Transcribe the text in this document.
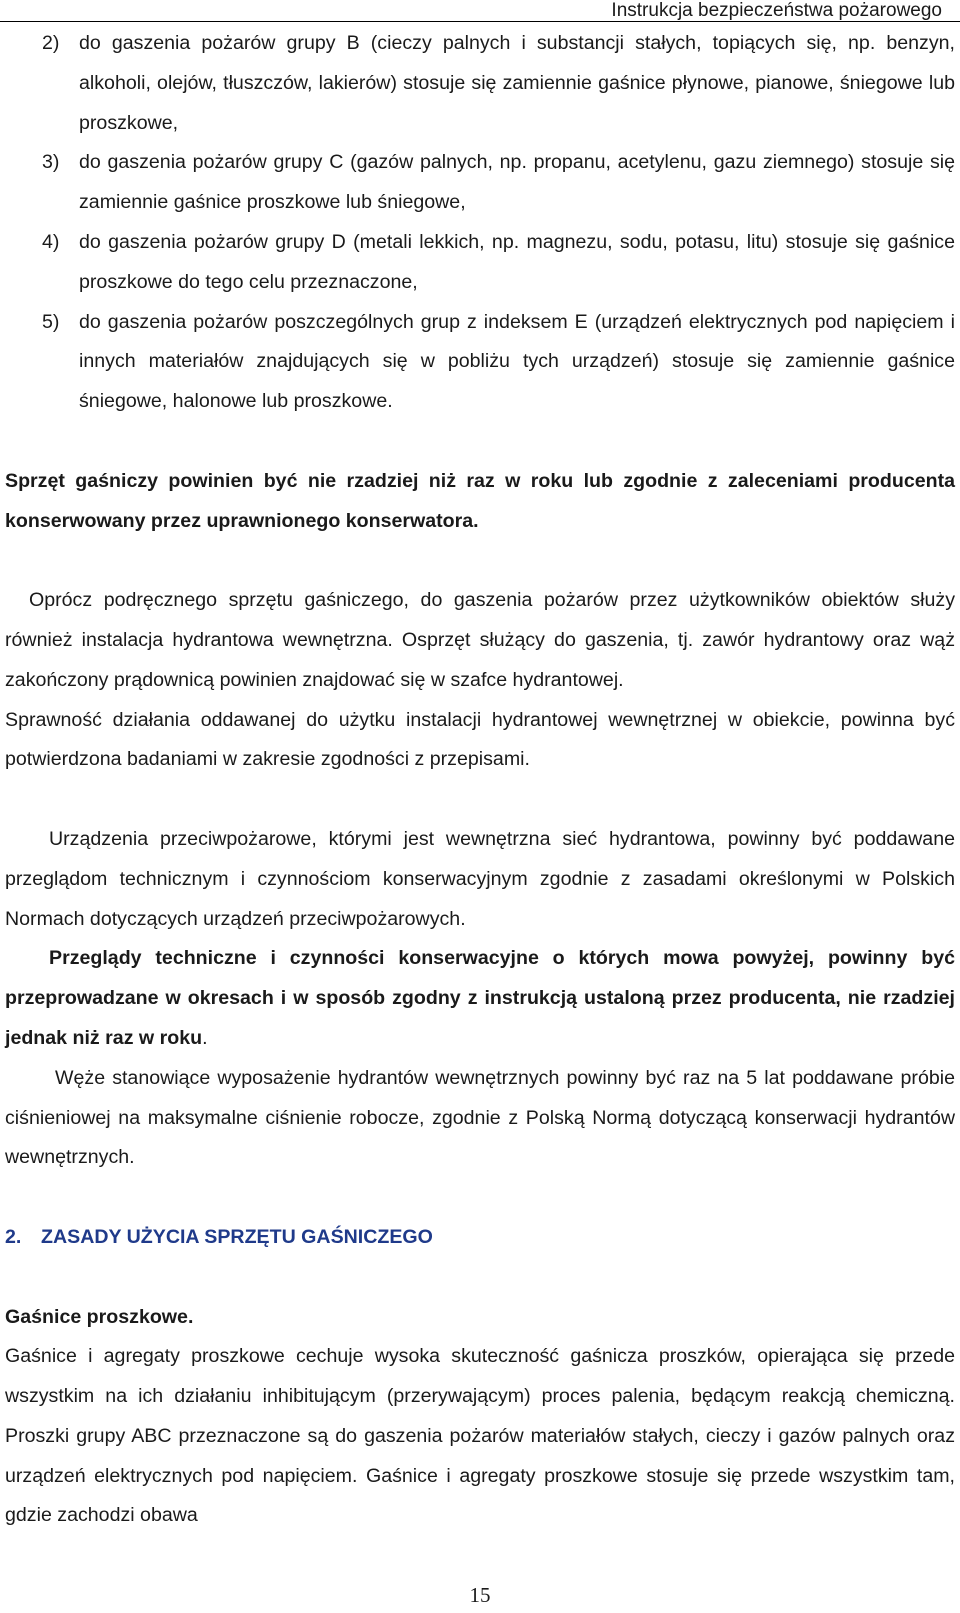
Instrukcja bezpieczeństwa pożarowego
2) do gaszenia pożarów grupy B (cieczy palnych i substancji stałych, topiących się, np. benzyn, alkoholi, olejów, tłuszczów, lakierów) stosuje się zamiennie gaśnice płynowe, pianowe, śniegowe lub proszkowe,
3) do gaszenia pożarów grupy C (gazów palnych, np. propanu, acetylenu, gazu ziemnego) stosuje się zamiennie gaśnice proszkowe lub śniegowe,
4) do gaszenia pożarów grupy D (metali lekkich, np. magnezu, sodu, potasu, litu) stosuje się gaśnice proszkowe do tego celu przeznaczone,
5) do gaszenia pożarów poszczególnych grup z indeksem E (urządzeń elektrycznych pod napięciem i innych materiałów znajdujących się w pobliżu tych urządzeń) stosuje się zamiennie gaśnice śniegowe, halonowe lub proszkowe.

Sprzęt gaśniczy powinien być nie rzadziej niż raz w roku lub zgodnie z zaleceniami producenta konserwowany przez uprawnionego konserwatora.

Oprócz podręcznego sprzętu gaśniczego, do gaszenia pożarów przez użytkowników obiektów służy również instalacja hydrantowa wewnętrzna. Osprzęt służący do gaszenia, tj. zawór hydrantowy oraz wąż zakończony prądownicą powinien znajdować się w szafce hydrantowej.

Sprawność działania oddawanej do użytku instalacji hydrantowej wewnętrznej w obiekcie, powinna być potwierdzona badaniami w zakresie zgodności z przepisami.

Urządzenia przeciwpożarowe, którymi jest wewnętrzna sieć hydrantowa, powinny być poddawane przeglądom technicznym i czynnościom konserwacyjnym zgodnie z zasadami określonymi w Polskich Normach dotyczących urządzeń przeciwpożarowych.

Przeglądy techniczne i czynności konserwacyjne o których mowa powyżej, powinny być przeprowadzane w okresach i w sposób zgodny z instrukcją ustaloną przez producenta, nie rzadziej jednak niż raz w roku.

Węże stanowiące wyposażenie hydrantów wewnętrznych powinny być raz na 5 lat poddawane próbie ciśnieniowej na maksymalne ciśnienie robocze, zgodnie z Polską Normą dotyczącą konserwacji hydrantów wewnętrznych.

2.	ZASADY UŻYCIA SPRZĘTU GAŚNICZEGO

Gaśnice proszkowe.

Gaśnice i agregaty proszkowe cechuje wysoka skuteczność gaśnicza proszków, opierająca się przede wszystkim na ich działaniu inhibitującym (przerywającym) proces palenia, będącym reakcją chemiczną. Proszki grupy ABC przeznaczone są do gaszenia pożarów materiałów stałych, cieczy i gazów palnych oraz urządzeń elektrycznych pod napięciem. Gaśnice i agregaty proszkowe stosuje się przede wszystkim tam, gdzie zachodzi obawa

15
